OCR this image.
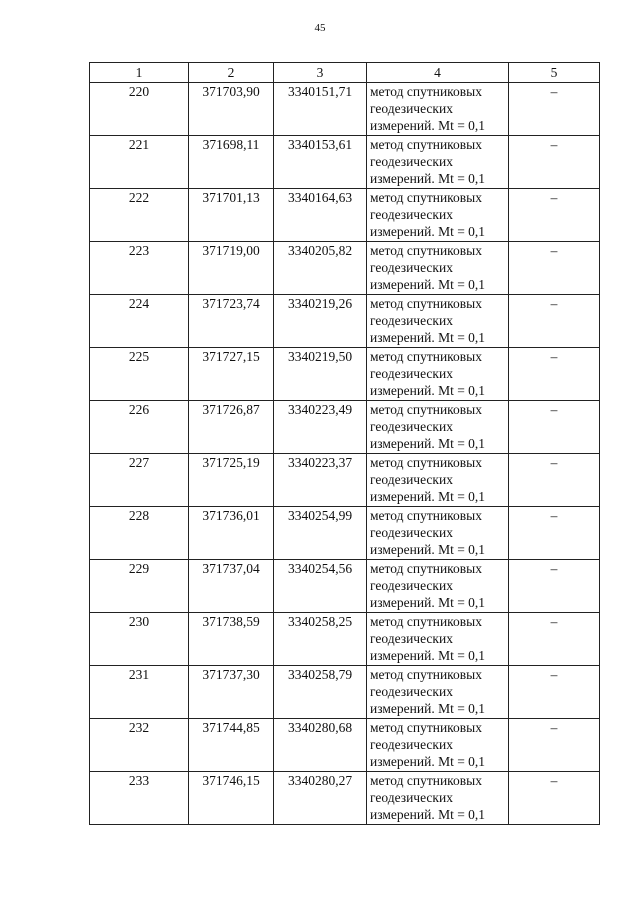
45
1	2	3	4	5
220	371703,90	3340151,71	метод спутниковых геодезических измерений. Mt = 0,1	–
221	371698,11	3340153,61	метод спутниковых геодезических измерений. Mt = 0,1	–
222	371701,13	3340164,63	метод спутниковых геодезических измерений. Mt = 0,1	–
223	371719,00	3340205,82	метод спутниковых геодезических измерений. Mt = 0,1	–
224	371723,74	3340219,26	метод спутниковых геодезических измерений. Mt = 0,1	–
225	371727,15	3340219,50	метод спутниковых геодезических измерений. Mt = 0,1	–
226	371726,87	3340223,49	метод спутниковых геодезических измерений. Mt = 0,1	–
227	371725,19	3340223,37	метод спутниковых геодезических измерений. Mt = 0,1	–
228	371736,01	3340254,99	метод спутниковых геодезических измерений. Mt = 0,1	–
229	371737,04	3340254,56	метод спутниковых геодезических измерений. Mt = 0,1	–
230	371738,59	3340258,25	метод спутниковых геодезических измерений. Mt = 0,1	–
231	371737,30	3340258,79	метод спутниковых геодезических измерений. Mt = 0,1	–
232	371744,85	3340280,68	метод спутниковых геодезических измерений. Mt = 0,1	–
233	371746,15	3340280,27	метод спутниковых геодезических измерений. Mt = 0,1	–
